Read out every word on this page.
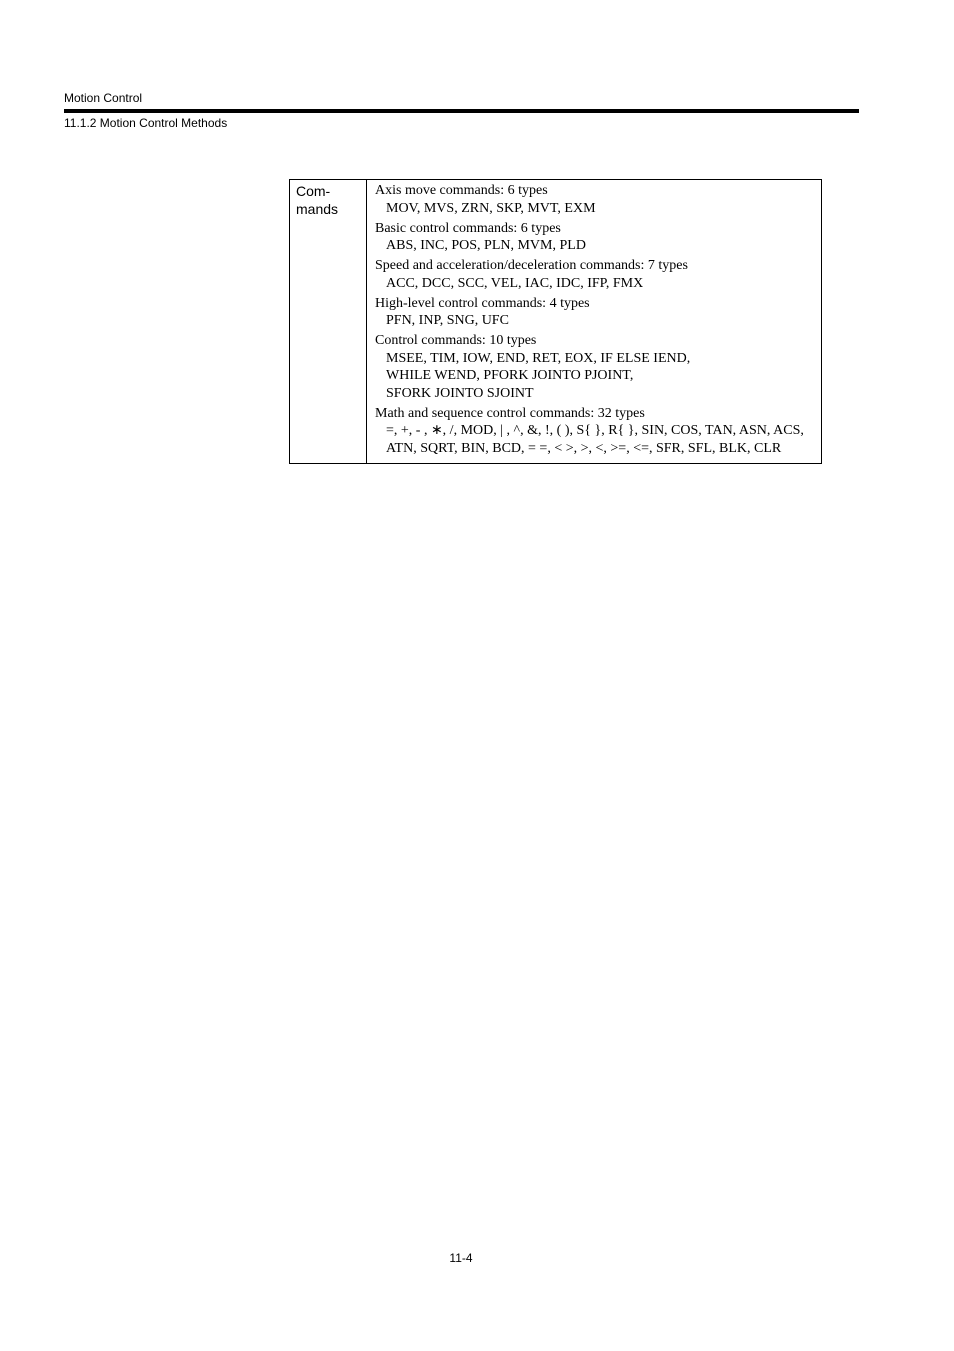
Motion Control
11.1.2 Motion Control Methods
Com-
mands
Axis move commands: 6 types
MOV, MVS, ZRN, SKP, MVT, EXM
Basic control commands: 6 types
ABS, INC, POS, PLN, MVM, PLD
Speed and acceleration/deceleration commands: 7 types
ACC, DCC, SCC, VEL, IAC, IDC, IFP, FMX
High-level control commands: 4 types
PFN, INP, SNG, UFC
Control commands: 10 types
MSEE, TIM, IOW, END, RET, EOX, IF ELSE IEND,
WHILE WEND, PFORK JOINTO PJOINT,
SFORK JOINTO SJOINT
Math and sequence control commands: 32 types
=, +, - , ∗, /, MOD, | , ^, &, !, ( ), S{ }, R{ }, SIN, COS, TAN, ASN, ACS,
ATN, SQRT, BIN, BCD, = =, < >, >, <, >=, <=, SFR, SFL, BLK, CLR
11-4
